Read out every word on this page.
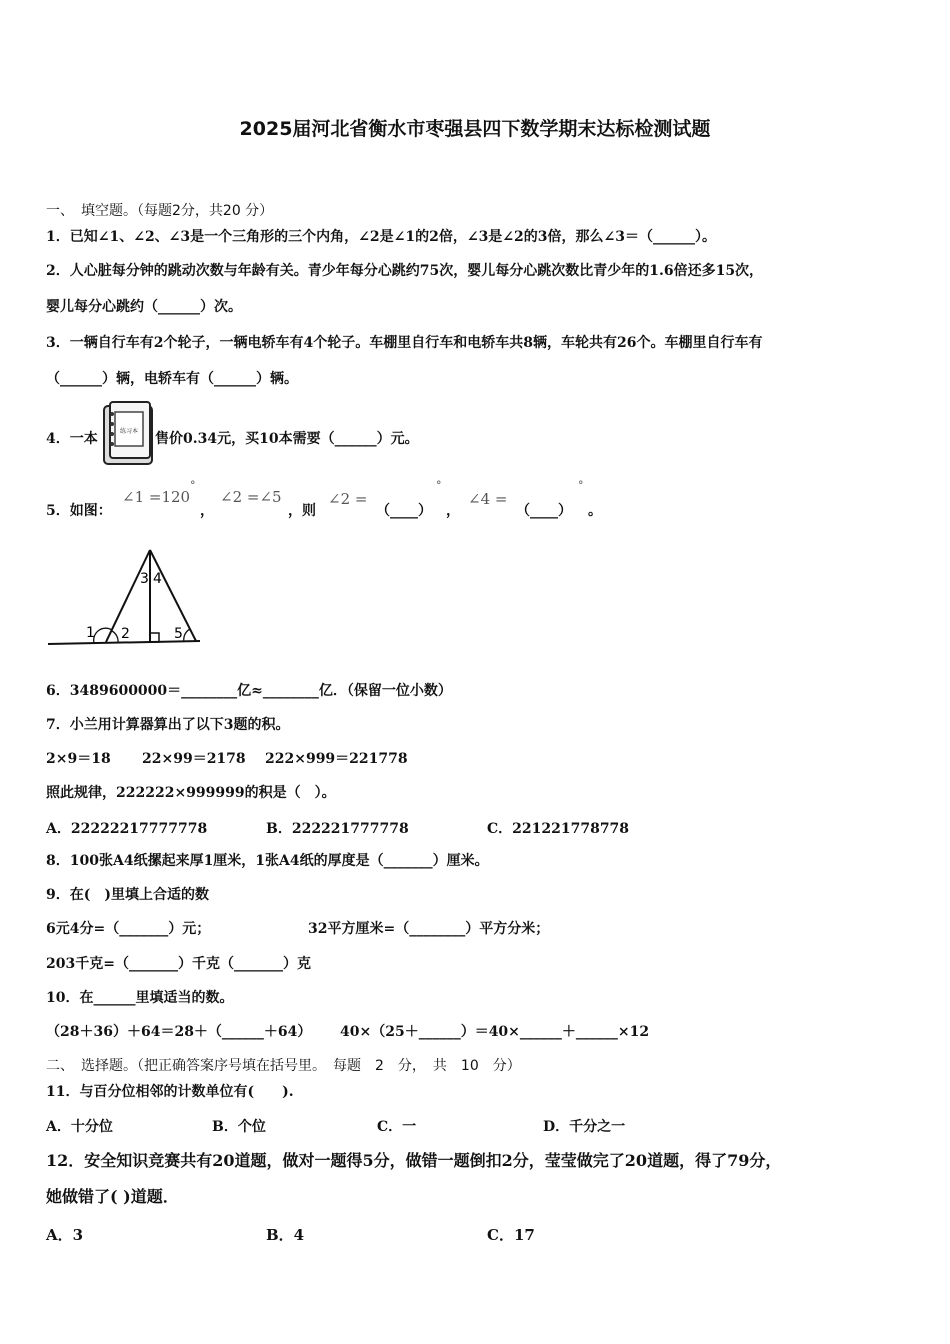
2025届河北省衡水市枣强县四下数学期末达标检测试题
一、　填空题。（每题2分，共20 分）
1．已知∠1、∠2、∠3是一个三角形的三个内角，∠2是∠1的2倍，∠3是∠2的3倍，那么∠3＝（______）。
2．人心脏每分钟的跳动次数与年龄有关。青少年每分心跳约75次，婴儿每分心跳次数比青少年的1.6倍还多15次，
婴儿每分心跳约（______）次。
3．一辆自行车有2个轮子，一辆电轿车有4个轮子。车棚里自行车和电轿车共8辆，车轮共有26个。车棚里自行车有
（______）辆，电轿车有（______）辆。
4．一本	练习本 售价0.34元，买10本需要（______）元。
5．如图：
∠1 =120
°
，
∠2 =∠5
，则
∠2 =
（____）
°
，
∠4 =
（____）
°
。
1 2
3 4
5
6．3489600000＝________亿≈________亿．（保留一位小数）
7．小兰用计算器算出了以下3题的积。
2×9＝18 22×99＝2178 222×999＝221778
照此规律，222222×999999的积是（　）。
A．22222217777778	B．222221777778	C．221221778778
8．100张A4纸摞起来厚1厘米，1张A4纸的厚度是（_______）厘米。
9．在(　)里填上合适的数
6元4分=（_______）元；	32平方厘米=（________）平方分米；
203千克=（_______）千克（_______）克
10．在______里填适当的数。
（28＋36）＋64＝28＋（______＋64） 40×（25＋______）＝40×______＋______×12
二、　选择题。（把正确答案序号填在括号里。　每题　2　分，　共　10　分）
11．与百分位相邻的计数单位有(　　).
A．十分位	B．个位	C．一	D．千分之一
12．安全知识竞赛共有20道题，做对一题得5分，做错一题倒扣2分，莹莹做完了20道题，得了79分，
她做错了( )道题．
A．3	B．4	C．17
